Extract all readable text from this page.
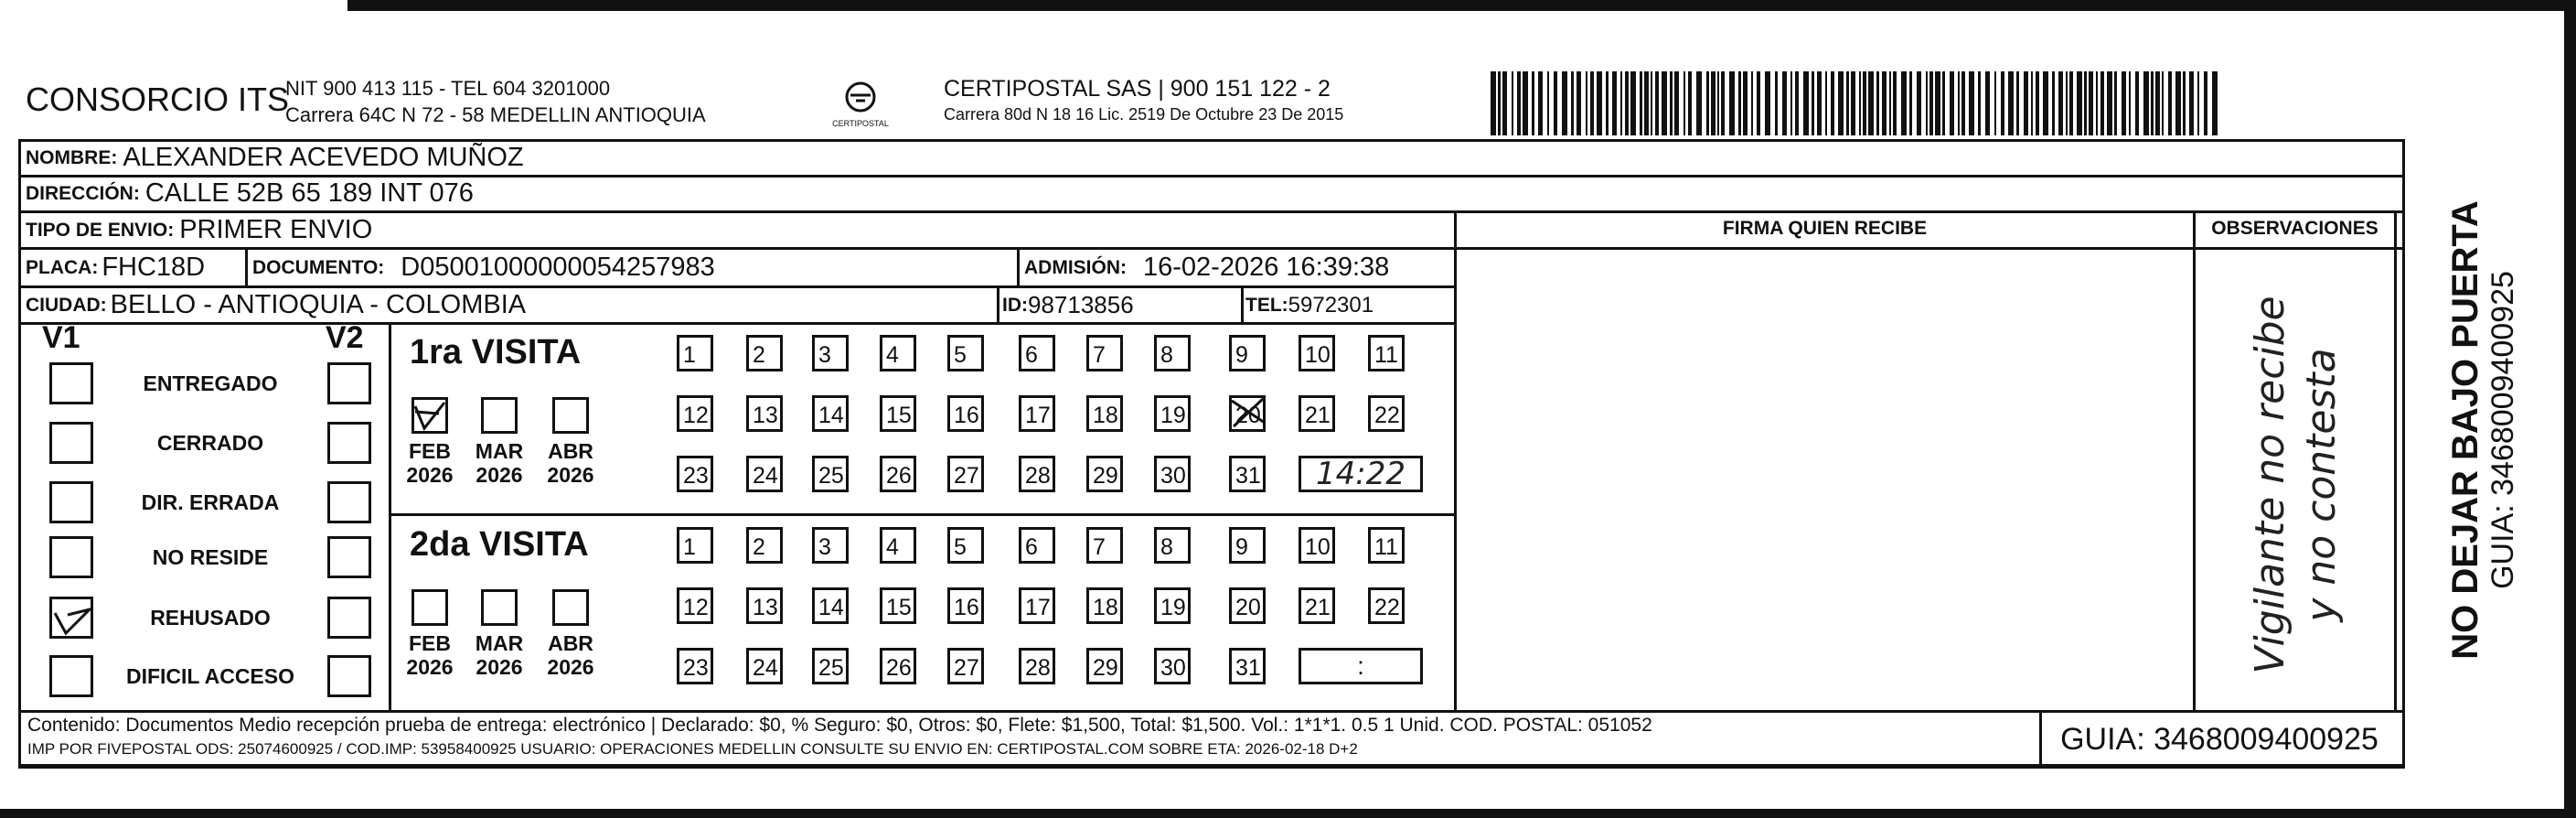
CONSORCIO ITS
NIT 900 413 115 - TEL 604 3201000
Carrera 64C N 72 - 58 MEDELLIN ANTIOQUIA	CERTIPOSTAL
CERTIPOSTAL SAS | 900 151 122 - 2
Carrera 80d N 18 16 Lic. 2519 De Octubre 23 De 2015
NOMBRE: ALEXANDER ACEVEDO MUÑOZ
DIRECCIÓN: CALLE 52B 65 189 INT 076
TIPO DE ENVIO: PRIMER ENVIO
PLACA: FHC18D DOCUMENTO: D05001000000054257983	ADMISIÓN: 16-02-2026 16:39:38
CIUDAD: BELLO - ANTIOQUIA - COLOMBIA	ID: 98713856	TEL: 5972301
FIRMA QUIEN RECIBE	OBSERVACIONES
Vigilante no recibe y no contesta	NO DEJAR BAJO PUERTA GUIA: 3468009400925
V1	V2
ENTREGADO
CERRADO
DIR. ERRADA
NO RESIDE
REHUSADO
DIFICIL ACCESO
1ra VISITA
FEB
2026
MAR
2026
ABR
2026
1	2	3	4	5	6	7	8	9	10 11
12 13 14 15 16 17 18 19 20 21 22
23 24 25 26 27 28 29 30 31	14:22
2da VISITA
FEB
2026
MAR
2026
ABR
2026
1	2	3	4	5	6	7	8	9	10 11
12 13 14 15 16 17 18 19 20 21 22
23 24 25 26 27 28 29 30 31	:
Contenido: Documentos Medio recepción prueba de entrega: electrónico | Declarado: $0, % Seguro: $0, Otros: $0, Flete: $1,500, Total: $1,500. Vol.: 1*1*1. 0.5 1 Unid. COD. POSTAL: 051052
IMP POR FIVEPOSTAL ODS: 25074600925 / COD.IMP: 53958400925 USUARIO: OPERACIONES MEDELLIN CONSULTE SU ENVIO EN: CERTIPOSTAL.COM SOBRE ETA: 2026-02-18 D+2	GUIA: 3468009400925
